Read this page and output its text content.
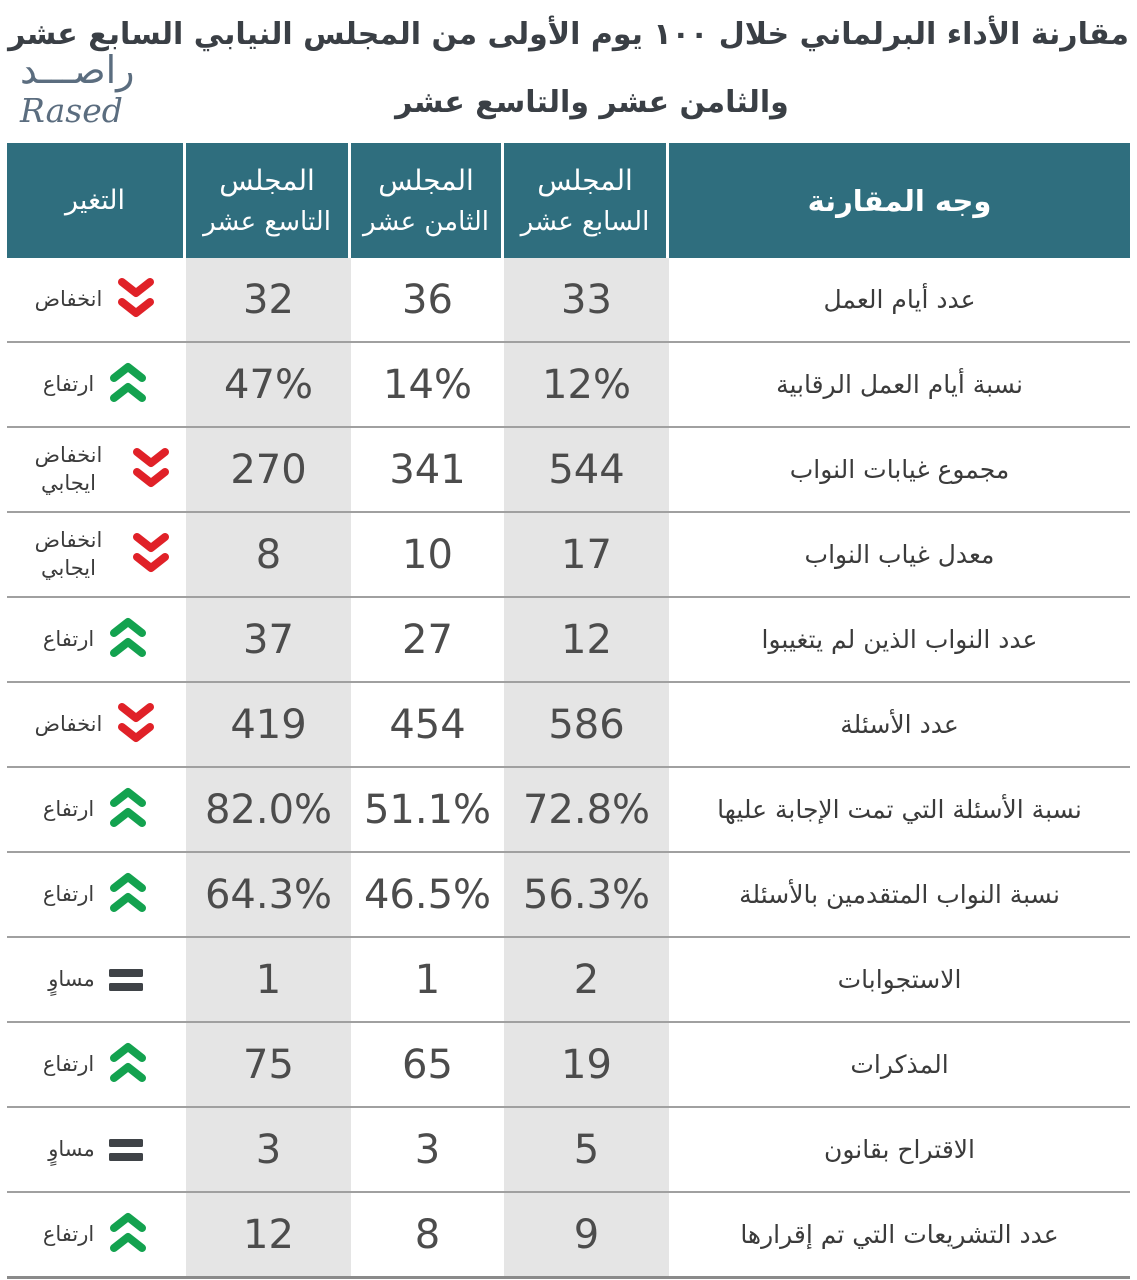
راصـــد
Rased
مقارنة الأداء البرلماني خلال ١٠٠ يوم الأولى من المجلس النيابي السابع عشر
والثامن عشر والتاسع عشر
وجه المقارنة
المجلس
السابع عشر
المجلس
الثامن عشر
المجلس
التاسع عشر
التغير
عدد أيام العمل
33
36
32
انخفاض
نسبة أيام العمل الرقابية
12%
14%
47%
ارتفاع
مجموع غيابات النواب
544
341
270
انخفاض ايجابي
معدل غياب النواب
17
10
8
انخفاض ايجابي
عدد النواب الذين لم يتغيبوا
12
27
37
ارتفاع
عدد الأسئلة
586
454
419
انخفاض
نسبة الأسئلة التي تمت الإجابة عليها
72.8%
51.1%
82.0%
ارتفاع
نسبة النواب المتقدمين بالأسئلة
56.3%
46.5%
64.3%
ارتفاع
الاستجوابات
2
1
1
مساوٍ
المذكرات
19
65
75
ارتفاع
الاقتراح بقانون
5
3
3
مساوٍ
عدد التشريعات التي تم إقرارها
9
8
12
ارتفاع
